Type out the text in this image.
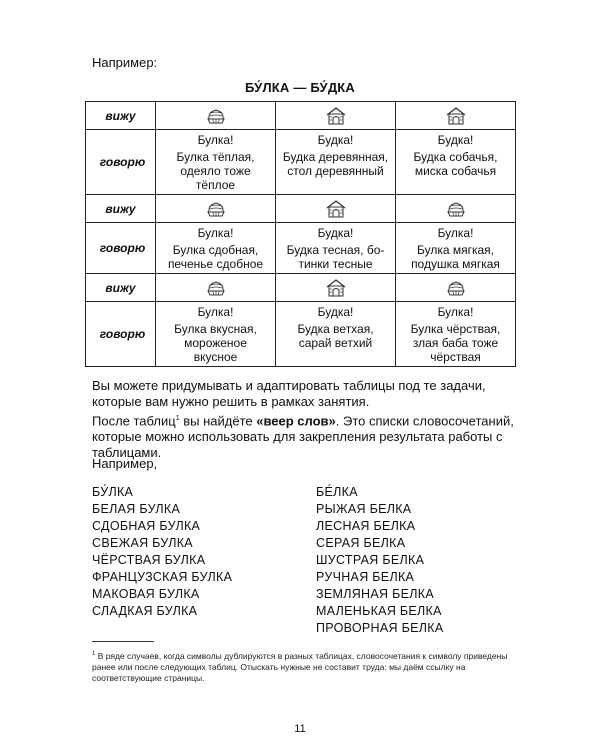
Например:
БУ́ЛКА — БУ́ДКА
вижу			
говорю	Булка!
Булка тёплая,
одеяло тоже
тёплое	Будка!
Будка деревянная,
стол деревянный	Будка!
Будка собачья,
миска собачья

вижу			
говорю	Булка!
Булка сдобная,
печенье сдобное	Будка!
Будка тесная, бо-
тинки тесные	Булка!
Булка мягкая,
подушка мягкая

вижу			
говорю	Булка!
Булка вкусная,
мороженое
вкусное	Будка!
Будка ветхая,
сарай ветхий	Булка!
Булка чёрствая,
злая баба тоже
чёрствая
Вы можете придумывать и адаптировать таблицы под те задачи, которые вам нужно решить в рамках занятия.
После таблиц$^1$ вы найдёте «веер слов». Это списки словосочетаний, которые можно использовать для закрепления результата работы с таблицами.
Например,
БУ́ЛКА
БЕЛАЯ БУЛКА
СДОБНАЯ БУЛКА
СВЕЖАЯ БУЛКА
ЧЁРСТВАЯ БУЛКА
ФРАНЦУЗСКАЯ БУЛКА
МАКОВАЯ БУЛКА
СЛАДКАЯ БУЛКА
БЕ́ЛКА
РЫЖАЯ БЕЛКА
ЛЕСНАЯ БЕЛКА
СЕРАЯ БЕЛКА
ШУСТРАЯ БЕЛКА
РУЧНАЯ БЕЛКА
ЗЕМЛЯНАЯ БЕЛКА
МАЛЕНЬКАЯ БЕЛКА
ПРОВОРНАЯ БЕЛКА
$^1$ В ряде случаев, когда символы дублируются в разных таблицах, словосочетания к символу приведены ранее или после следующих таблиц. Отыскать нужные не составит труда: мы даём ссылку на соответствующие страницы.
11
